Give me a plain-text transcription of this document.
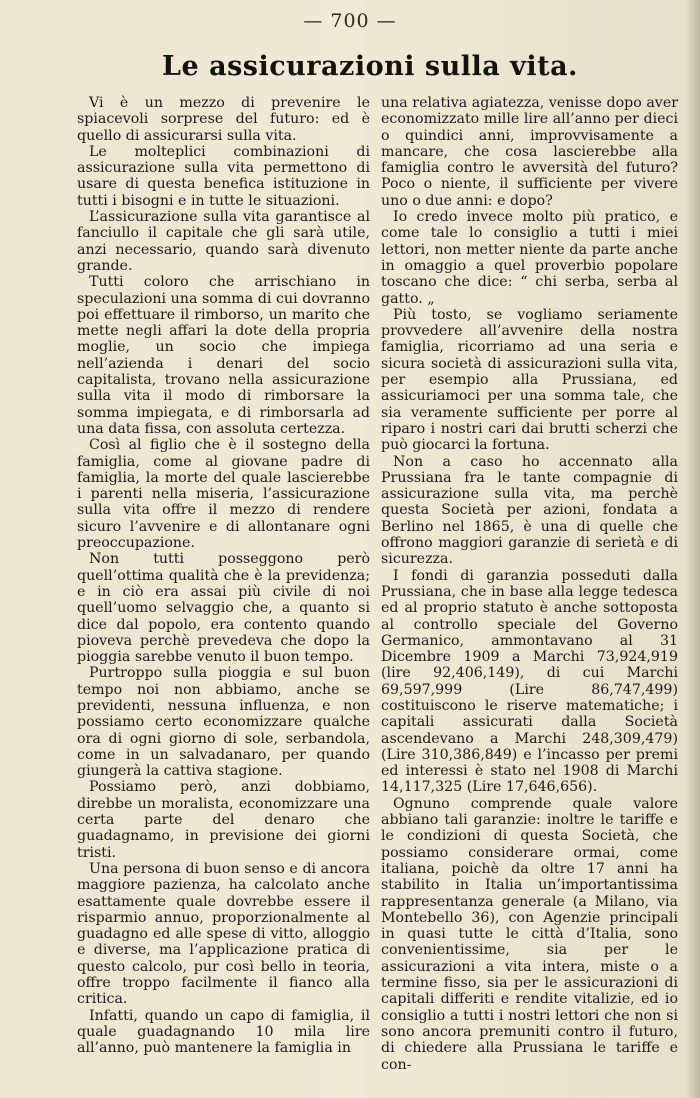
— 700 —
Le assicurazioni sulla vita.

Vi è un mezzo di prevenire le spiacevoli sorprese del futuro: ed è quello di assicurarsi sulla vita.

Le molteplici combinazioni di assicurazione sulla vita permettono di usare di questa benefica istituzione in tutti i bisogni e in tutte le situazioni.

L’assicurazione sulla vita garantisce al fanciullo il capitale che gli sarà utile, anzi necessario, quando sarà divenuto grande.

Tutti coloro che arrischiano in speculazioni una somma di cui dovranno poi effettuare il rimborso, un marito che mette negli affari la dote della propria moglie, un socio che impiega nell’azienda i denari del socio capitalista, trovano nella assicurazione sulla vita il modo di rimborsare la somma impiegata, e di rimborsarla ad una data fissa, con assoluta certezza.

Così al figlio che è il sostegno della famiglia, come al giovane padre di famiglia, la morte del quale lascierebbe i parenti nella miseria, l’assicurazione sulla vita offre il mezzo di rendere sicuro l’avvenire e di allontanare ogni preoccupazione.

Non tutti posseggono però quell’ottima qualità che è la previdenza; e in ciò era assai più civile di noi quell’uomo selvaggio che, a quanto si dice dal popolo, era contento quando pioveva perchè prevedeva che dopo la pioggia sarebbe venuto il buon tempo.

Purtroppo sulla pioggia e sul buon tempo noi non abbiamo, anche se previdenti, nessuna influenza, e non possiamo certo economizzare qualche ora di ogni giorno di sole, serbandola, come in un salvadanaro, per quando giungerà la cattiva stagione.

Possiamo però, anzi dobbiamo, direbbe un moralista, economizzare una certa parte del denaro che guadagnamo, in previsione dei giorni tristi.

Una persona di buon senso e di ancora maggiore pazienza, ha calcolato anche esattamente quale dovrebbe essere il risparmio annuo, proporzionalmente al guadagno ed alle spese di vitto, alloggio e diverse, ma l’applicazione pratica di questo calcolo, pur così bello in teoria, offre troppo facilmente il fianco alla critica.

Infatti, quando un capo di famiglia, il quale guadagnando 10 mila lire all’anno, può mantenere la famiglia in

una relativa agiatezza, venisse dopo aver economizzato mille lire all’anno per dieci o quindici anni, improvvisamente a mancare, che cosa lascierebbe alla famiglia contro le avversità del futuro? Poco o niente, il sufficiente per vivere uno o due anni: e dopo?

Io credo invece molto più pratico, e come tale lo consiglio a tutti i miei lettori, non metter niente da parte anche in omaggio a quel proverbio popolare toscano che dice: “ chi serba, serba al gatto. „

Più tosto, se vogliamo seriamente provvedere all’avvenire della nostra famiglia, ricorriamo ad una seria e sicura società di assicurazioni sulla vita, per esempio alla Prussiana, ed assicuriamoci per una somma tale, che sia veramente sufficiente per porre al riparo i nostri cari dai brutti scherzi che può giocarci la fortuna.

Non a caso ho accennato alla Prussiana fra le tante compagnie di assicurazione sulla vita, ma perchè questa Società per azioni, fondata a Berlino nel 1865, è una di quelle che offrono maggiori garanzie di serietà e di sicurezza.

I fondi di garanzia posseduti dalla Prussiana, che in base alla legge tedesca ed al proprio statuto è anche sottoposta al controllo speciale del Governo Germanico, ammontavano al 31 Dicembre 1909 a Marchi 73,924,919 (lire 92,406,149), di cui Marchi 69,597,999 (Lire 86,747,499) costituiscono le riserve matematiche; i capitali assicurati dalla Società ascendevano a Marchi 248,309,479) (Lire 310,386,849) e l’incasso per premi ed interessi è stato nel 1908 di Marchi 14,117,325 (Lire 17,646,656).

Ognuno comprende quale valore abbiano tali garanzie: inoltre le tariffe e le condizioni di questa Società, che possiamo considerare ormai, come italiana, poichè da oltre 17 anni ha stabilito in Italia un’importantissima rappresentanza generale (a Milano, via Montebello 36), con Agenzie principali in quasi tutte le città d’Italia, sono convenientissime, sia per le assicurazioni a vita intera, miste o a termine fisso, sia per le assicurazioni di capitali differiti e rendite vitalizie, ed io consiglio a tutti i nostri lettori che non si sono ancora premuniti contro il futuro, di chiedere alla Prussiana le tariffe e con-
